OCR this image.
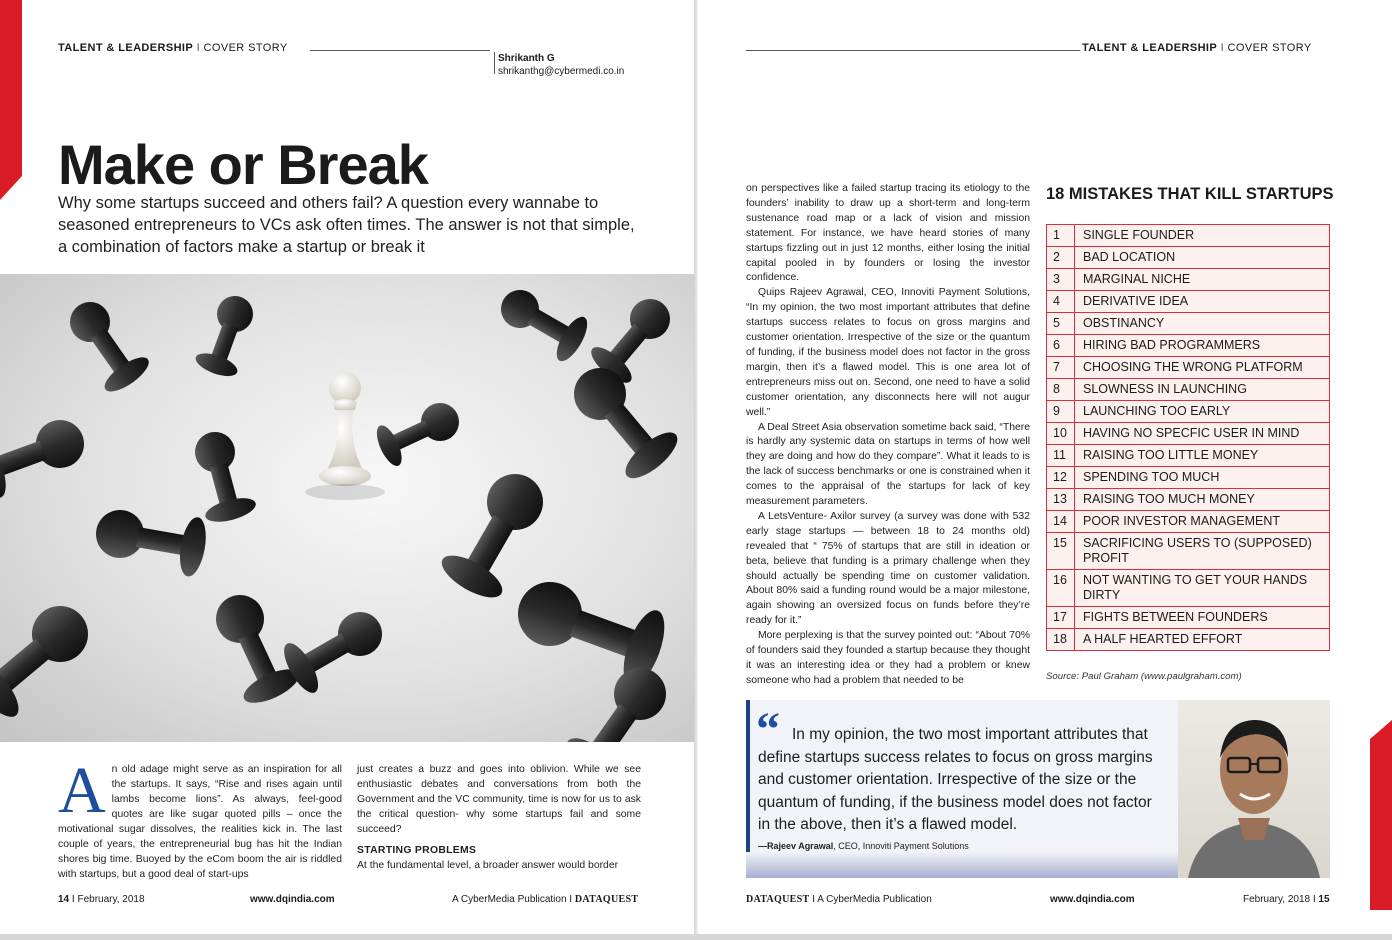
TALENT & LEADERSHIP I COVER STORY
Shrikanth G
shrikanthg@cybermedi.co.in
Make or Break

Why some startups succeed and others fail? A question every wannabe to seasoned entrepreneurs to VCs ask often times. The answer is not that simple, a combination of factors make a startup or break it

An old adage might serve as an inspiration for all the startups. It says, “Rise and rises again until lambs become lions”. As always, feel-good quotes are like sugar quoted pills – once the motivational sugar dissolves, the realities kick in. The last couple of years, the entrepreneurial bug has hit the Indian shores big time. Buoyed by the eCom boom the air is riddled with startups, but a good deal of start-ups

just creates a buzz and goes into oblivion. While we see enthusiastic debates and conversations from both the Government and the VC community, time is now for us to ask the critical question- why some startups fail and some succeed?

STARTING PROBLEMS

At the fundamental level, a broader answer would border

14 I February, 2018	www.dqindia.com	A CyberMedia Publication I DATAQUEST
TALENT & LEADERSHIP I COVER STORY

on perspectives like a failed startup tracing its etiology to the founders’ inability to draw up a short-term and long-term sustenance road map or a lack of vision and mission statement. For instance, we have heard stories of many startups fizzling out in just 12 months, either losing the initial capital pooled in by founders or losing the investor confidence.

Quips Rajeev Agrawal, CEO, Innoviti Payment Solutions, “In my opinion, the two most important attributes that define startups success relates to focus on gross margins and customer orientation. Irrespective of the size or the quantum of funding, if the business model does not factor in the gross margin, then it’s a flawed model. This is one area lot of entrepreneurs miss out on. Second, one need to have a solid customer orientation, any disconnects here will not augur well.”

A Deal Street Asia observation sometime back said, “There is hardly any systemic data on startups in terms of how well they are doing and how do they compare”. What it leads to is the lack of success benchmarks or one is constrained when it comes to the appraisal of the startups for lack of key measurement parameters.

A LetsVenture- Axilor survey (a survey was done with 532 early stage startups — between 18 to 24 months old) revealed that “ 75% of startups that are still in ideation or beta, believe that funding is a primary challenge when they should actually be spending time on customer validation. About 80% said a funding round would be a major milestone, again showing an oversized focus on funds before they’re ready for it.”

More perplexing is that the survey pointed out: “About 70% of founders said they founded a startup because they thought it was an interesting idea or they had a problem or knew someone who had a problem that needed to be

18 MISTAKES THAT KILL STARTUPS
1	SINGLE FOUNDER
2	BAD LOCATION
3	MARGINAL NICHE
4	DERIVATIVE IDEA
5	OBSTINANCY
6	HIRING BAD PROGRAMMERS
7	CHOOSING THE WRONG PLATFORM
8	SLOWNESS IN LAUNCHING
9	LAUNCHING TOO EARLY
10	HAVING NO SPECFIC USER IN MIND
11	RAISING TOO LITTLE MONEY
12	SPENDING TOO MUCH
13	RAISING TOO MUCH MONEY
14	POOR INVESTOR MANAGEMENT
15	SACRIFICING USERS TO (SUPPOSED) PROFIT
16	NOT WANTING TO GET YOUR HANDS DIRTY
17	FIGHTS BETWEEN FOUNDERS
18	A HALF HEARTED EFFORT
Source: Paul Graham (www.paulgraham.com)
“ In my opinion, the two most important attributes that define startups success relates to focus on gross margins and customer orientation. Irrespective of the size or the quantum of funding, if the business model does not factor in the above, then it’s a flawed model.

—Rajeev Agrawal, CEO, Innoviti Payment Solutions
DATAQUEST I A CyberMedia Publication	www.dqindia.com	February, 2018 I 15
